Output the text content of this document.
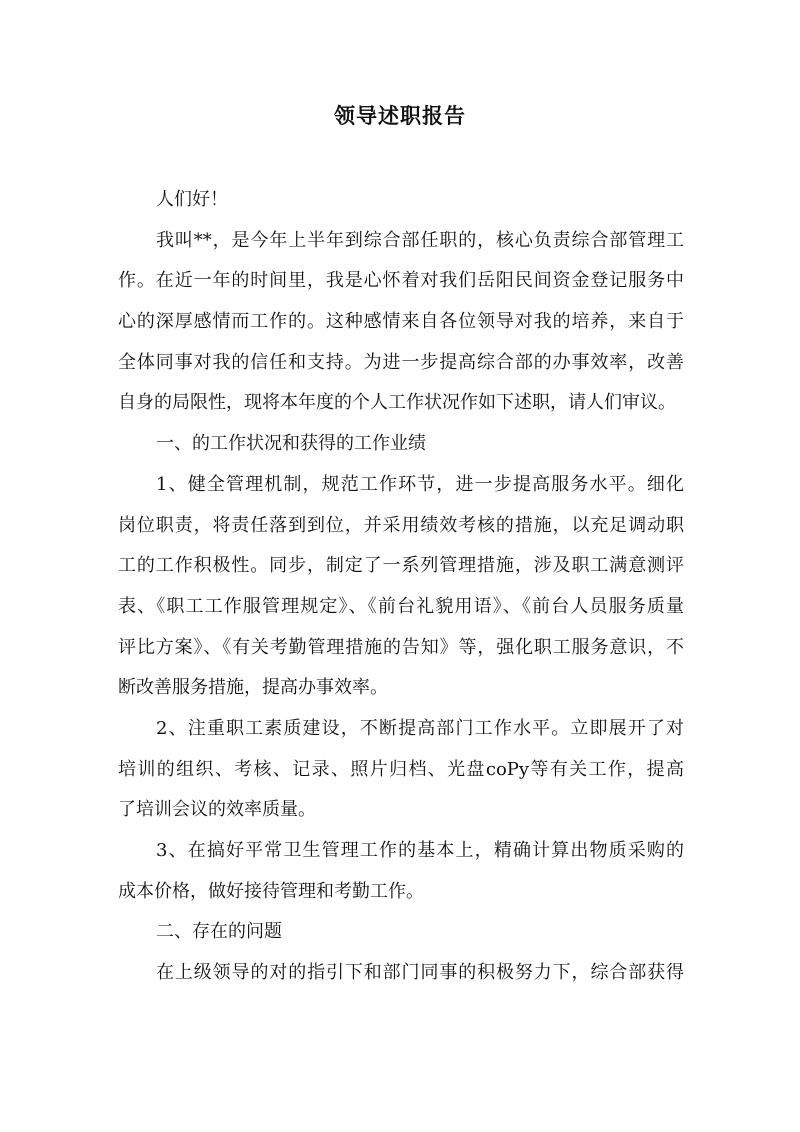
领导述职报告
人们好！
我叫**，是今年上半年到综合部任职的，核心负责综合部管理工
作。在近一年的时间里，我是心怀着对我们岳阳民间资金登记服务中
心的深厚感情而工作的。这种感情来自各位领导对我的培养，来自于
全体同事对我的信任和支持。为进一步提高综合部的办事效率，改善
自身的局限性，现将本年度的个人工作状况作如下述职，请人们审议。
一、的工作状况和获得的工作业绩
1、健全管理机制，规范工作环节，进一步提高服务水平。细化
岗位职责，将责任落到到位，并采用绩效考核的措施，以充足调动职
工的工作积极性。同步，制定了一系列管理措施，涉及职工满意测评
表、《职工工作服管理规定》、《前台礼貌用语》、《前台人员服务质量
评比方案》、《有关考勤管理措施的告知》等，强化职工服务意识，不
断改善服务措施，提高办事效率。
2、注重职工素质建设，不断提高部门工作水平。立即展开了对
培训的组织、考核、记录、照片归档、光盘coPy等有关工作，提高
了培训会议的效率质量。
3、在搞好平常卫生管理工作的基本上，精确计算出物质采购的
成本价格，做好接待管理和考勤工作。
二、存在的问题
在上级领导的对的指引下和部门同事的积极努力下，综合部获得
